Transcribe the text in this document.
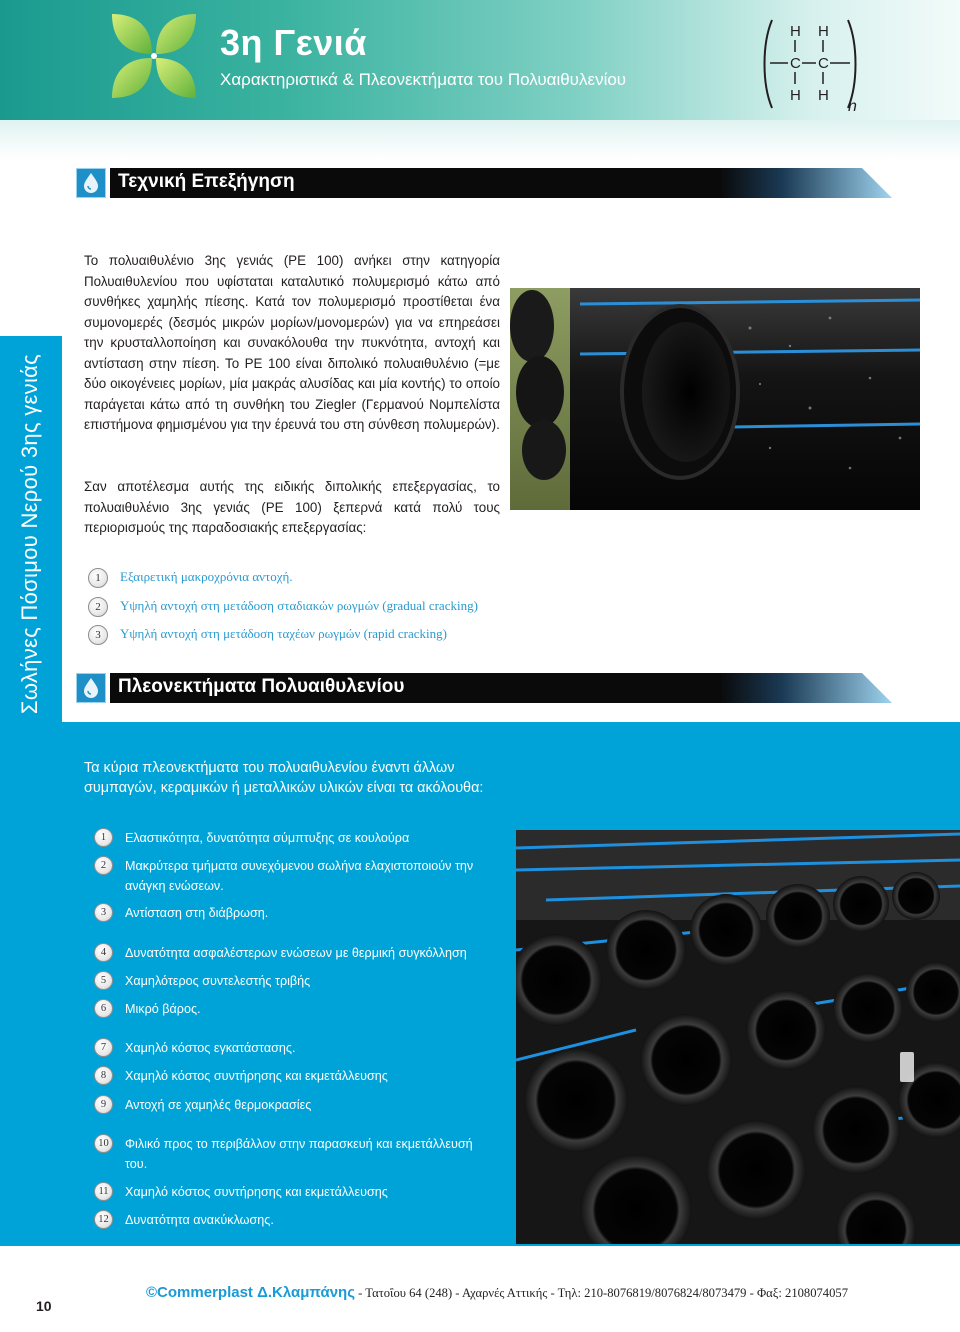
3η Γενιά
Χαρακτηριστικά & Πλεονεκτήματα του Πολυαιθυλενίου
H H
C C
H H
n
Σωλήνες Πόσιμου Νερού 3ης γενιάς
Τεχνική Επεξήγηση
Το πολυαιθυλένιο 3ης γενιάς (PE 100) ανήκει στην κατηγορία Πολυαιθυλενίου που υφίσταται καταλυτικό πολυμερισμό κάτω από συνθήκες χαμηλής πίεσης. Κατά τον πολυμερισμό προστίθεται ένα συμονομερές (δεσμός μικρών μορίων/μονομερών) για να επηρεάσει την κρυσταλλοποίηση και συνακόλουθα την πυκνότητα, αντοχή και αντίσταση στην πίεση. Το PE 100 είναι διπολικό πολυαιθυλένιο (=με δύο οικογένειες μορίων, μία μακράς αλυσίδας και μία κοντής) το οποίο παράγεται κάτω από τη συνθήκη του Ziegler (Γερμανού Νομπελίστα επιστήμονα φημισμένου για την έρευνά του στη σύνθεση πολυμερών).
Σαν αποτέλεσμα αυτής της ειδικής διπολικής επεξεργασίας, το πολυαιθυλένιο 3ης γενιάς (PE 100) ξεπερνά κατά πολύ τους περιορισμούς της παραδοσιακής επεξεργασίας:
1	Εξαιρετική μακροχρόνια αντοχή.
2	Υψηλή αντοχή στη μετάδοση σταδιακών ρωγμών (gradual cracking)
3	Υψηλή αντοχή στη μετάδοση ταχέων ρωγμών (rapid cracking)
Πλεονεκτήματα Πολυαιθυλενίου
Τα κύρια πλεονεκτήματα του πολυαιθυλενίου έναντι άλλων συμπαγών, κεραμικών ή μεταλλικών υλικών είναι τα ακόλουθα:
1	Ελαστικότητα, δυνατότητα σύμπτυξης σε κουλούρα
2	Μακρύτερα τμήματα συνεχόμενου σωλήνα ελαχιστοποιούν την ανάγκη ενώσεων.
3	Αντίσταση στη διάβρωση.
4	Δυνατότητα ασφαλέστερων ενώσεων με θερμική συγκόλληση
5	Χαμηλότερος συντελεστής τριβής
6	Μικρό βάρος.
7	Χαμηλό κόστος εγκατάστασης.
8	Χαμηλό κόστος συντήρησης και εκμετάλλευσης
9	Αντοχή σε χαμηλές θερμοκρασίες
10	Φιλικό προς το περιβάλλον στην παρασκευή και εκμετάλλευσή του.
11	Χαμηλό κόστος συντήρησης και εκμετάλλευσης
12	Δυνατότητα ανακύκλωσης.
10
©Commerplast Δ.Κλαμπάνης - Τατοΐου 64 (248) - Αχαρνές Αττικής - Τηλ: 210-8076819/8076824/8073479 - Φαξ: 2108074057
